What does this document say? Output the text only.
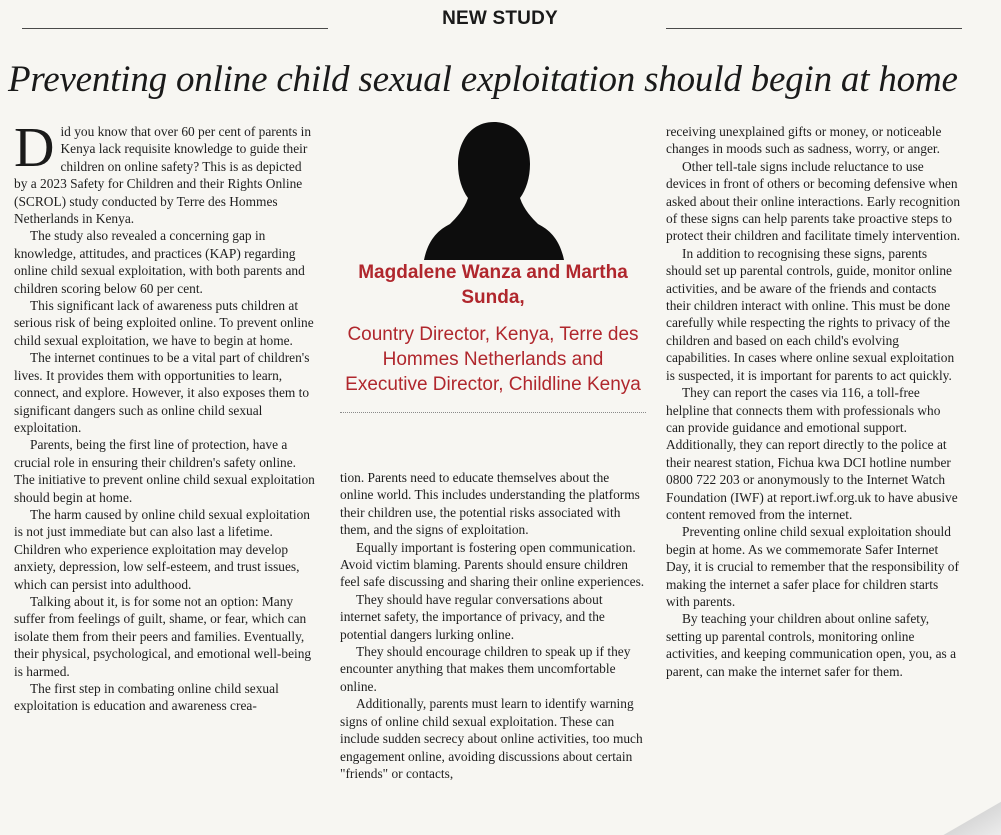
NEW STUDY
Preventing online child sexual exploitation should begin at home

Did you know that over 60 per cent of parents in Kenya lack requisite knowledge to guide their children on online safety? This is as depicted by a 2023 Safety for Children and their Rights Online (SCROL) study conducted by Terre des Hommes Netherlands in Kenya.

The study also revealed a concerning gap in knowledge, attitudes, and practices (KAP) regarding online child sexual exploitation, with both parents and children scoring below 60 per cent.

This significant lack of awareness puts children at serious risk of being exploited online. To prevent online child sexual exploitation, we have to begin at home.

The internet continues to be a vital part of children's lives. It provides them with opportunities to learn, connect, and explore. However, it also exposes them to significant dangers such as online child sexual exploitation.

Parents, being the first line of protection, have a crucial role in ensuring their children's safety online. The initiative to prevent online child sexual exploitation should begin at home.

The harm caused by online child sexual exploitation is not just immediate but can also last a lifetime. Children who experience exploitation may develop anxiety, depression, low self-esteem, and trust issues, which can persist into adulthood.

Talking about it, is for some not an option: Many suffer from feelings of guilt, shame, or fear, which can isolate them from their peers and families. Eventually, their physical, psychological, and emotional well-being is harmed.

The first step in combating online child sexual exploitation is education and awareness crea-

Magdalene Wanza and Martha Sunda,
Country Director, Kenya, Terre des Hommes Netherlands and Executive Director, Childline Kenya

tion. Parents need to educate themselves about the online world. This includes understanding the platforms their children use, the potential risks associated with them, and the signs of exploitation.

Equally important is fostering open communication. Avoid victim blaming. Parents should ensure children feel safe discussing and sharing their online experiences.

They should have regular conversations about internet safety, the importance of privacy, and the potential dangers lurking online.

They should encourage children to speak up if they encounter anything that makes them uncomfortable online.

Additionally, parents must learn to identify warning signs of online child sexual exploitation. These can include sudden secrecy about online activities, too much engagement online, avoiding discussions about certain "friends" or contacts,

receiving unexplained gifts or money, or noticeable changes in moods such as sadness, worry, or anger.

Other tell-tale signs include reluctance to use devices in front of others or becoming defensive when asked about their online interactions. Early recognition of these signs can help parents take proactive steps to protect their children and facilitate timely intervention.

In addition to recognising these signs, parents should set up parental controls, guide, monitor online activities, and be aware of the friends and contacts their children interact with online. This must be done carefully while respecting the rights to privacy of the children and based on each child's evolving capabilities. In cases where online sexual exploitation is suspected, it is important for parents to act quickly.

They can report the cases via 116, a toll-free helpline that connects them with professionals who can provide guidance and emotional support. Additionally, they can report directly to the police at their nearest station, Fichua kwa DCI hotline number 0800 722 203 or anonymously to the Internet Watch Foundation (IWF) at report.iwf.org.uk to have abusive content removed from the internet.

Preventing online child sexual exploitation should begin at home. As we commemorate Safer Internet Day, it is crucial to remember that the responsibility of making the internet a safer place for children starts with parents.

By teaching your children about online safety, setting up parental controls, monitoring online activities, and keeping communication open, you, as a parent, can make the internet safer for them.
